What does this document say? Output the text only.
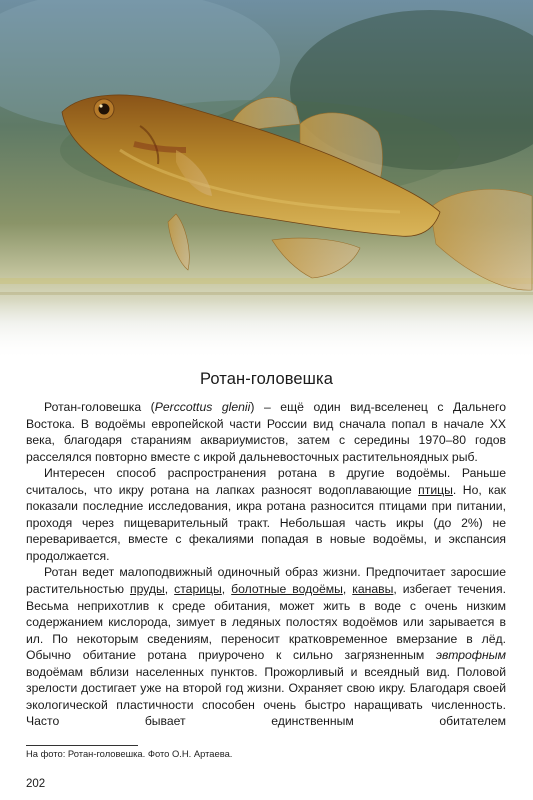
Ротан-головешка

Ротан-головешка (Perccottus glenii) – ещё один вид-вселенец с Дальнего Востока. В водоёмы европейской части России вид сначала попал в начале XX века, благодаря стараниям аквариумистов, затем с середины 1970–80 годов расселялся повторно вместе с икрой дальневосточных растительноядных рыб.

Интересен способ распространения ротана в другие водоёмы. Раньше считалось, что икру ротана на лапках разносят водоплавающие птицы. Но, как показали последние исследования, икра ротана разносится птицами при питании, проходя через пищеварительный тракт. Небольшая часть икры (до 2%) не переваривается, вместе с фекалиями попадая в новые водоёмы, и экспансия продолжается.

Ротан ведет малоподвижный одиночный образ жизни. Предпочитает заросшие растительностью пруды, старицы, болотные водоёмы, канавы, избегает течения. Весьма неприхотлив к среде обитания, может жить в воде с очень низким содержанием кислорода, зимует в ледяных полостях водоёмов или зарывается в ил. По некоторым сведениям, переносит кратковременное вмерзание в лёд. Обычно обитание ротана приурочено к сильно загрязненным эвтрофным водоёмам вблизи населенных пунктов. Прожорливый и всеядный вид. Половой зрелости достигает уже на второй год жизни. Охраняет свою икру. Благодаря своей экологической пластичности способен очень быстро наращивать численность. Часто бывает единственным обитателем

На фото: Ротан-головешка. Фото О.Н. Артаева.
202
